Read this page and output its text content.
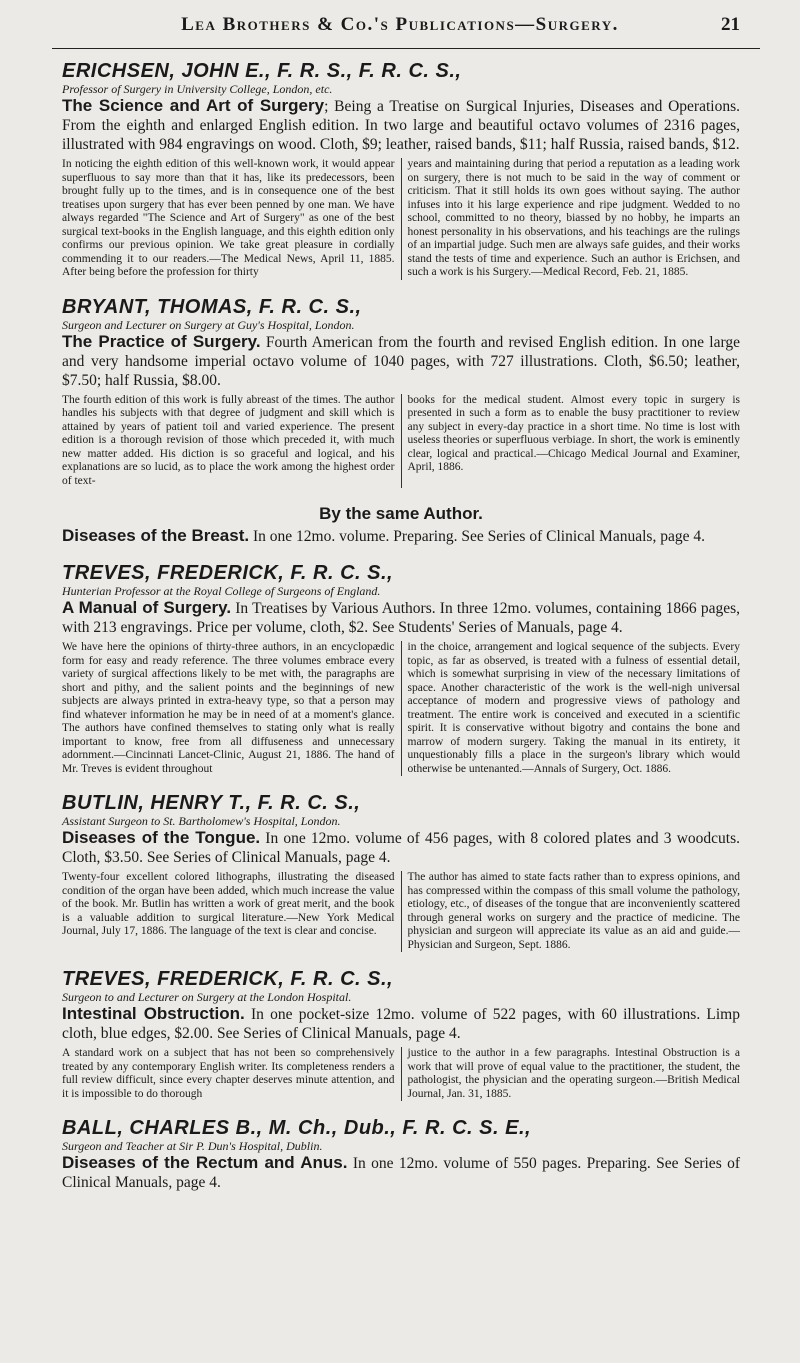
Lea Brothers & Co.'s Publications—Surgery.	21
ERICHSEN, JOHN E., F. R. S., F. R. C. S.,
Professor of Surgery in University College, London, etc.
The Science and Art of Surgery; Being a Treatise on Surgical Injuries, Diseases and Operations. From the eighth and enlarged English edition. In two large and beautiful octavo volumes of 2316 pages, illustrated with 984 engravings on wood. Cloth, $9; leather, raised bands, $11; half Russia, raised bands, $12.
In noticing the eighth edition of this well-known work, it would appear superfluous to say more than that it has, like its predecessors, been brought fully up to the times, and is in consequence one of the best treatises upon surgery that has ever been penned by one man. We have always regarded "The Science and Art of Surgery" as one of the best surgical text-books in the English language, and this eighth edition only confirms our previous opinion. We take great pleasure in cordially commending it to our readers.—The Medical News, April 11, 1885. After being before the profession for thirty
years and maintaining during that period a reputation as a leading work on surgery, there is not much to be said in the way of comment or criticism. That it still holds its own goes without saying. The author infuses into it his large experience and ripe judgment. Wedded to no school, committed to no theory, biassed by no hobby, he imparts an honest personality in his observations, and his teachings are the rulings of an impartial judge. Such men are always safe guides, and their works stand the tests of time and experience. Such an author is Erichsen, and such a work is his Surgery.—Medical Record, Feb. 21, 1885.
BRYANT, THOMAS, F. R. C. S.,
Surgeon and Lecturer on Surgery at Guy's Hospital, London.
The Practice of Surgery. Fourth American from the fourth and revised English edition. In one large and very handsome imperial octavo volume of 1040 pages, with 727 illustrations. Cloth, $6.50; leather, $7.50; half Russia, $8.00.
The fourth edition of this work is fully abreast of the times. The author handles his subjects with that degree of judgment and skill which is attained by years of patient toil and varied experience. The present edition is a thorough revision of those which preceded it, with much new matter added. His diction is so graceful and logical, and his explanations are so lucid, as to place the work among the highest order of text-
books for the medical student. Almost every topic in surgery is presented in such a form as to enable the busy practitioner to review any subject in every-day practice in a short time. No time is lost with useless theories or superfluous verbiage. In short, the work is eminently clear, logical and practical.—Chicago Medical Journal and Examiner, April, 1886.
By the same Author.
Diseases of the Breast. In one 12mo. volume. Preparing. See Series of Clinical Manuals, page 4.
TREVES, FREDERICK, F. R. C. S.,
Hunterian Professor at the Royal College of Surgeons of England.
A Manual of Surgery. In Treatises by Various Authors. In three 12mo. volumes, containing 1866 pages, with 213 engravings. Price per volume, cloth, $2. See Students' Series of Manuals, page 4.
We have here the opinions of thirty-three authors, in an encyclopædic form for easy and ready reference. The three volumes embrace every variety of surgical affections likely to be met with, the paragraphs are short and pithy, and the salient points and the beginnings of new subjects are always printed in extra-heavy type, so that a person may find whatever information he may be in need of at a moment's glance. The authors have confined themselves to stating only what is really important to know, free from all diffuseness and unnecessary adornment.—Cincinnati Lancet-Clinic, August 21, 1886. The hand of Mr. Treves is evident throughout
in the choice, arrangement and logical sequence of the subjects. Every topic, as far as observed, is treated with a fulness of essential detail, which is somewhat surprising in view of the necessary limitations of space. Another characteristic of the work is the well-nigh universal acceptance of modern and progressive views of pathology and treatment. The entire work is conceived and executed in a scientific spirit. It is conservative without bigotry and contains the bone and marrow of modern surgery. Taking the manual in its entirety, it unquestionably fills a place in the surgeon's library which would otherwise be untenanted.—Annals of Surgery, Oct. 1886.
BUTLIN, HENRY T., F. R. C. S.,
Assistant Surgeon to St. Bartholomew's Hospital, London.
Diseases of the Tongue. In one 12mo. volume of 456 pages, with 8 colored plates and 3 woodcuts. Cloth, $3.50. See Series of Clinical Manuals, page 4.
Twenty-four excellent colored lithographs, illustrating the diseased condition of the organ have been added, which much increase the value of the book. Mr. Butlin has written a work of great merit, and the book is a valuable addition to surgical literature.—New York Medical Journal, July 17, 1886. The language of the text is clear and concise.
The author has aimed to state facts rather than to express opinions, and has compressed within the compass of this small volume the pathology, etiology, etc., of diseases of the tongue that are inconveniently scattered through general works on surgery and the practice of medicine. The physician and surgeon will appreciate its value as an aid and guide.—Physician and Surgeon, Sept. 1886.
TREVES, FREDERICK, F. R. C. S.,
Surgeon to and Lecturer on Surgery at the London Hospital.
Intestinal Obstruction. In one pocket-size 12mo. volume of 522 pages, with 60 illustrations. Limp cloth, blue edges, $2.00. See Series of Clinical Manuals, page 4.
A standard work on a subject that has not been so comprehensively treated by any contemporary English writer. Its completeness renders a full review difficult, since every chapter deserves minute attention, and it is impossible to do thorough
justice to the author in a few paragraphs. Intestinal Obstruction is a work that will prove of equal value to the practitioner, the student, the pathologist, the physician and the operating surgeon.—British Medical Journal, Jan. 31, 1885.
BALL, CHARLES B., M. Ch., Dub., F. R. C. S. E.,
Surgeon and Teacher at Sir P. Dun's Hospital, Dublin.
Diseases of the Rectum and Anus. In one 12mo. volume of 550 pages. Preparing. See Series of Clinical Manuals, page 4.
